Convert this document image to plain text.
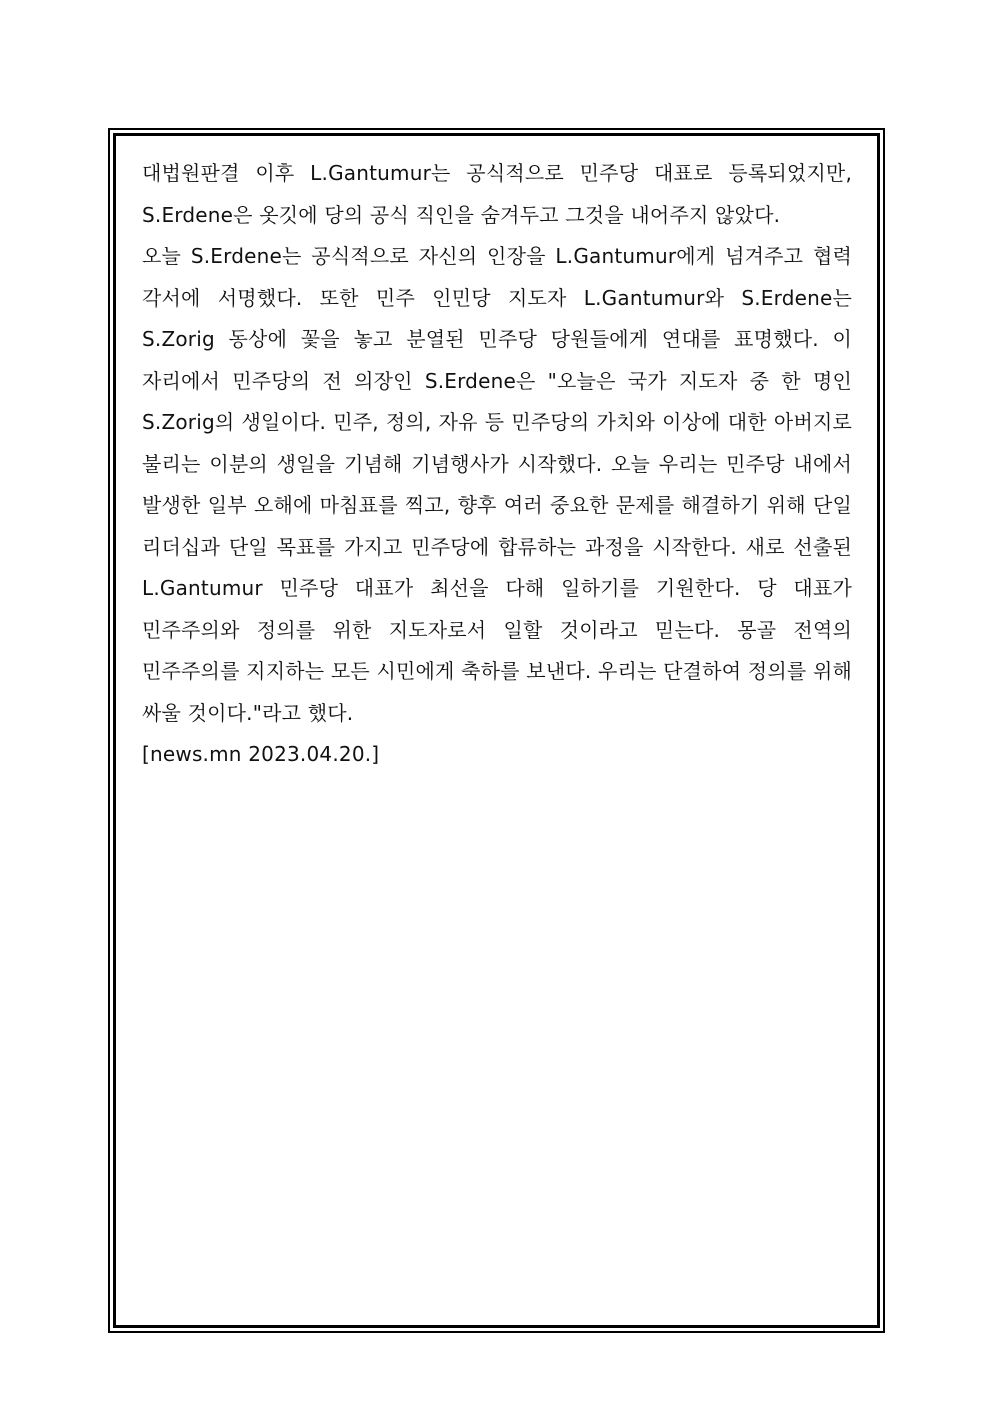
대법원판결 이후 L.Gantumur는 공식적으로 민주당 대표로 등록되었지만, S.Erdene은 옷깃에 당의 공식 직인을 숨겨두고 그것을 내어주지 않았다.

오늘 S.Erdene는 공식적으로 자신의 인장을 L.Gantumur에게 넘겨주고 협력 각서에 서명했다. 또한 민주 인민당 지도자 L.Gantumur와 S.Erdene는 S.Zorig 동상에 꽃을 놓고 분열된 민주당 당원들에게 연대를 표명했다. 이 자리에서 민주당의 전 의장인 S.Erdene은 "오늘은 국가 지도자 중 한 명인 S.Zorig의 생일이다. 민주, 정의, 자유 등 민주당의 가치와 이상에 대한 아버지로 불리는 이분의 생일을 기념해 기념행사가 시작했다. 오늘 우리는 민주당 내에서 발생한 일부 오해에 마침표를 찍고, 향후 여러 중요한 문제를 해결하기 위해 단일 리더십과 단일 목표를 가지고 민주당에 합류하는 과정을 시작한다. 새로 선출된 L.Gantumur 민주당 대표가 최선을 다해 일하기를 기원한다. 당 대표가 민주주의와 정의를 위한 지도자로서 일할 것이라고 믿는다. 몽골 전역의 민주주의를 지지하는 모든 시민에게 축하를 보낸다. 우리는 단결하여 정의를 위해 싸울 것이다."라고 했다.

[news.mn 2023.04.20.]
